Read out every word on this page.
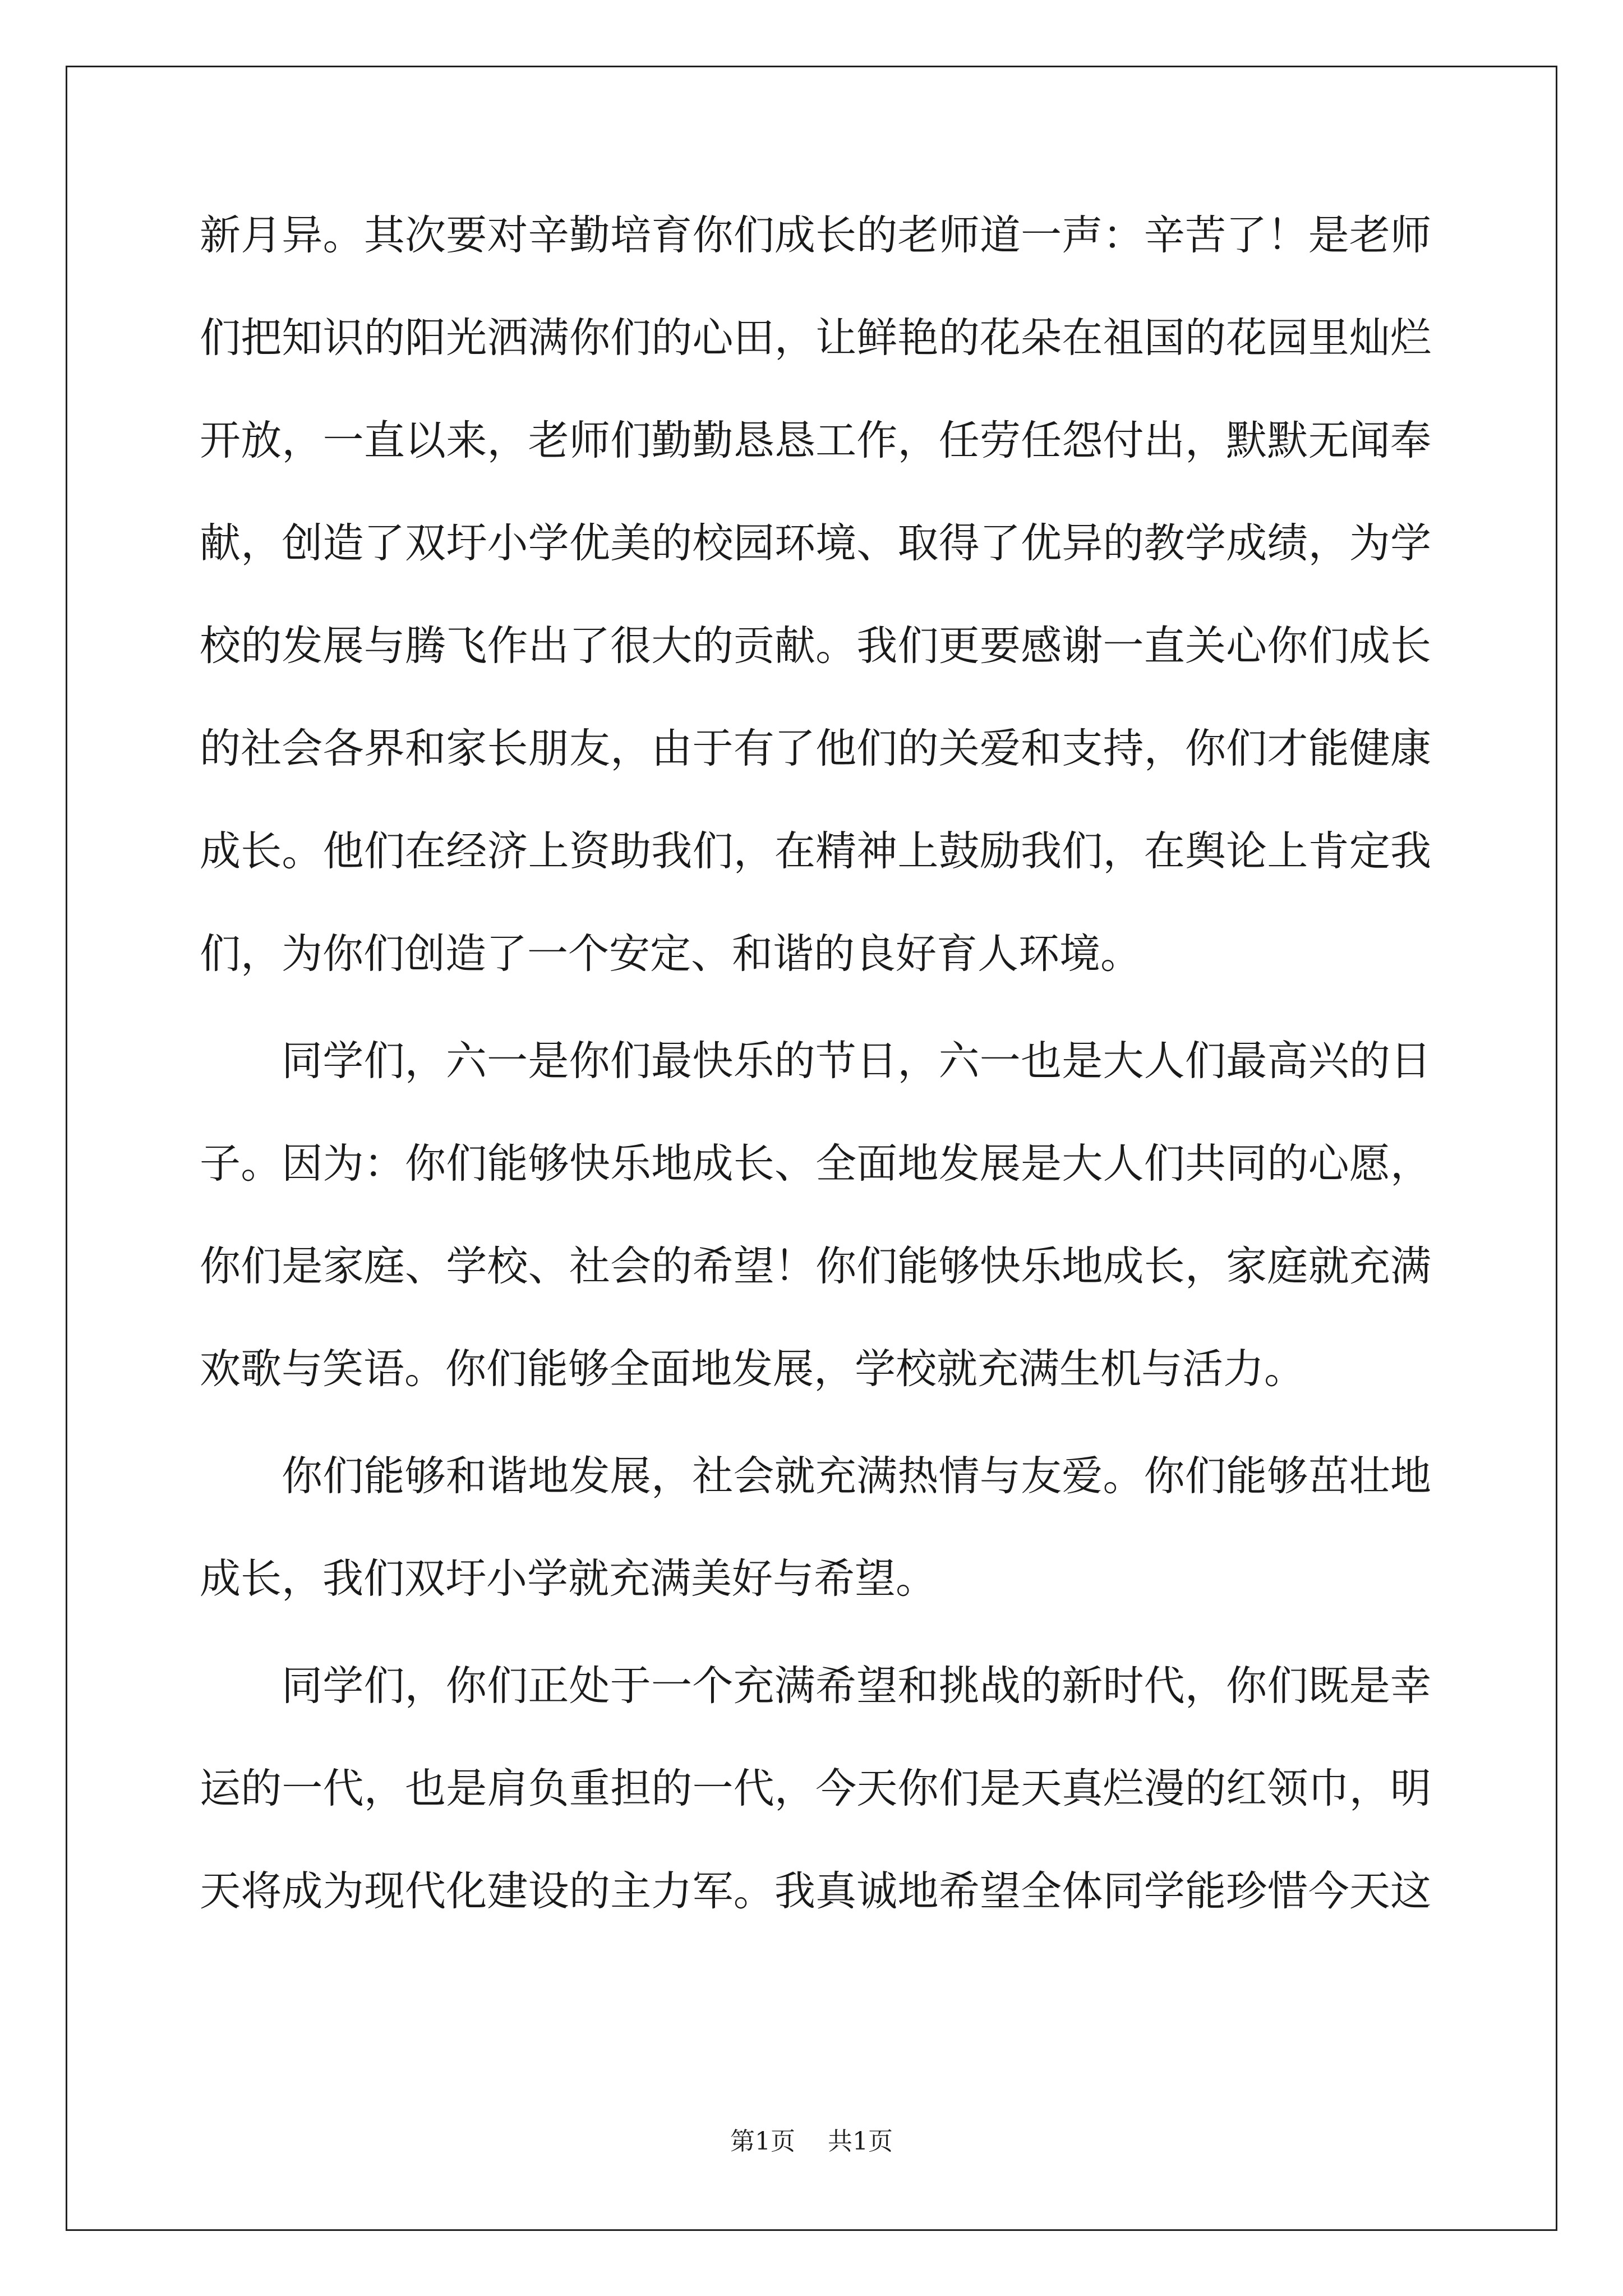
新月异。其次要对辛勤培育你们成长的老师道一声：辛苦了！是老师
们把知识的阳光洒满你们的心田，让鲜艳的花朵在祖国的花园里灿烂
开放，一直以来，老师们勤勤恳恳工作，任劳任怨付出，默默无闻奉
献，创造了双圩小学优美的校园环境、取得了优异的教学成绩，为学
校的发展与腾飞作出了很大的贡献。我们更要感谢一直关心你们成长
的社会各界和家长朋友，由于有了他们的关爱和支持，你们才能健康
成长。他们在经济上资助我们，在精神上鼓励我们，在舆论上肯定我
们，为你们创造了一个安定、和谐的良好育人环境。
同学们，六一是你们最快乐的节日，六一也是大人们最高兴的日
子。因为：你们能够快乐地成长、全面地发展是大人们共同的心愿，
你们是家庭、学校、社会的希望！你们能够快乐地成长，家庭就充满
欢歌与笑语。你们能够全面地发展，学校就充满生机与活力。
你们能够和谐地发展，社会就充满热情与友爱。你们能够茁壮地
成长，我们双圩小学就充满美好与希望。
同学们，你们正处于一个充满希望和挑战的新时代，你们既是幸
运的一代，也是肩负重担的一代，今天你们是天真烂漫的红领巾，明
天将成为现代化建设的主力军。我真诚地希望全体同学能珍惜今天这
第1页 共1页
